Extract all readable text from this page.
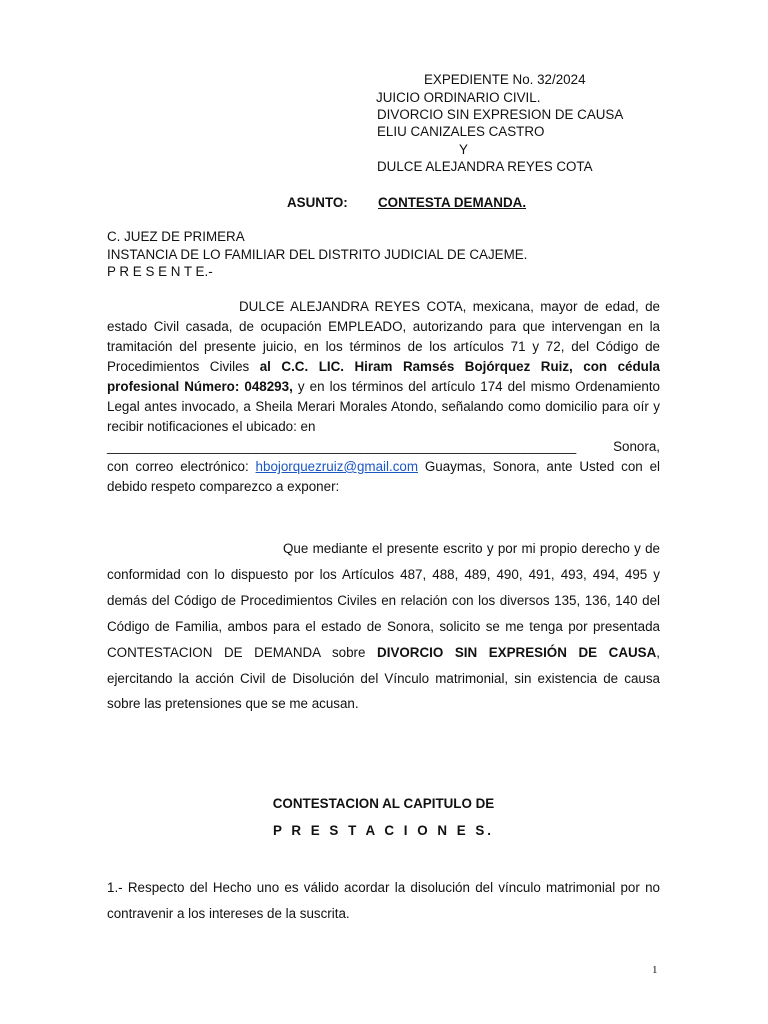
EXPEDIENTE No. 32/2024
JUICIO ORDINARIO CIVIL.
DIVORCIO SIN EXPRESION DE CAUSA
ELIU CANIZALES CASTRO
Y
DULCE ALEJANDRA REYES COTA
ASUNTO: CONTESTA DEMANDA.
C. JUEZ DE PRIMERA
INSTANCIA DE LO FAMILIAR DEL DISTRITO JUDICIAL DE CAJEME.
P R E S E N T E.-
DULCE ALEJANDRA REYES COTA, mexicana, mayor de edad, de estado Civil casada, de ocupación EMPLEADO, autorizando para que intervengan en la tramitación del presente juicio, en los términos de los artículos 71 y 72, del Código de Procedimientos Civiles al C.C. LIC. Hiram Ramsés Bojórquez Ruiz, con cédula profesional Número: 048293, y en los términos del artículo 174 del mismo Ordenamiento Legal antes invocado, a Sheila Merari Morales Atondo, señalando como domicilio para oír y recibir notificaciones el ubicado: en
_______________________________________________________________	Sonora,
con correo electrónico: hbojorquezruiz@gmail.com Guaymas, Sonora, ante Usted con el debido respeto comparezco a exponer:
Que mediante el presente escrito y por mi propio derecho y de conformidad con lo dispuesto por los Artículos 487, 488, 489, 490, 491, 493, 494, 495 y demás del Código de Procedimientos Civiles en relación con los diversos 135, 136, 140 del Código de Familia, ambos para el estado de Sonora, solicito se me tenga por presentada CONTESTACION DE DEMANDA sobre DIVORCIO SIN EXPRESIÓN DE CAUSA, ejercitando la acción Civil de Disolución del Vínculo matrimonial, sin existencia de causa sobre las pretensiones que se me acusan.
CONTESTACION AL CAPITULO DE
P R E S T A C I O N E S.
1.- Respecto del Hecho uno es válido acordar la disolución del vínculo matrimonial por no contravenir a los intereses de la suscrita.
1
